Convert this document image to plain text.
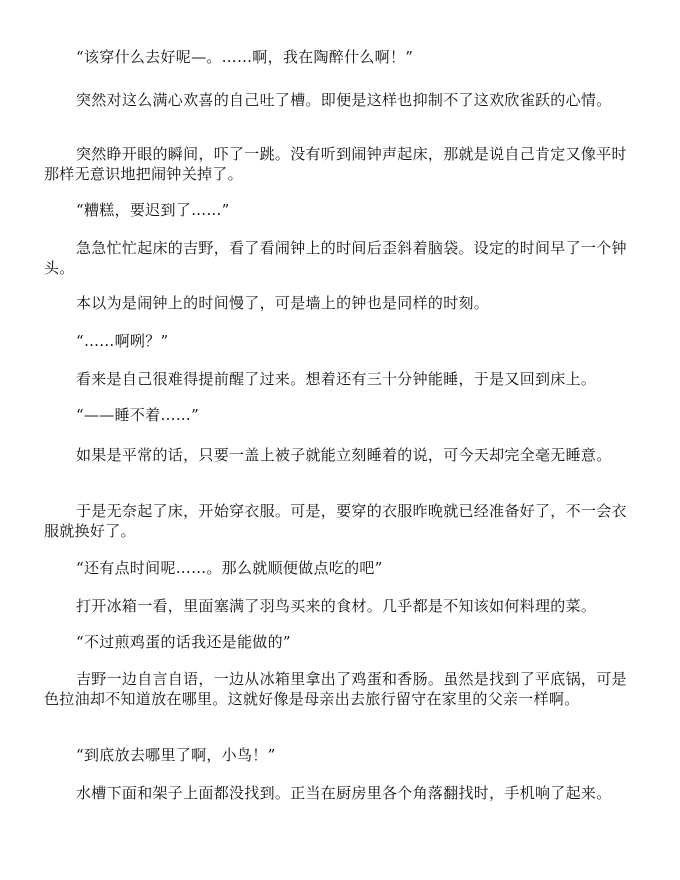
“该穿什么去好呢—。……啊，我在陶醉什么啊！”

突然对这么满心欢喜的自己吐了槽。即便是这样也抑制不了这欢欣雀跃的心情。

突然睁开眼的瞬间，吓了一跳。没有听到闹钟声起床，那就是说自己肯定又像平时那样无意识地把闹钟关掉了。

“糟糕，要迟到了……”

急急忙忙起床的吉野，看了看闹钟上的时间后歪斜着脑袋。设定的时间早了一个钟头。

本以为是闹钟上的时间慢了，可是墙上的钟也是同样的时刻。

“……啊咧？”

看来是自己很难得提前醒了过来。想着还有三十分钟能睡，于是又回到床上。

“——睡不着……”

如果是平常的话，只要一盖上被子就能立刻睡着的说，可今天却完全毫无睡意。

于是无奈起了床，开始穿衣服。可是，要穿的衣服昨晚就已经准备好了，不一会衣服就换好了。

“还有点时间呢……。那么就顺便做点吃的吧”

打开冰箱一看，里面塞满了羽鸟买来的食材。几乎都是不知该如何料理的菜。

“不过煎鸡蛋的话我还是能做的”

吉野一边自言自语，一边从冰箱里拿出了鸡蛋和香肠。虽然是找到了平底锅，可是色拉油却不知道放在哪里。这就好像是母亲出去旅行留守在家里的父亲一样啊。

“到底放去哪里了啊，小鸟！”

水槽下面和架子上面都没找到。正当在厨房里各个角落翻找时，手机响了起来。
